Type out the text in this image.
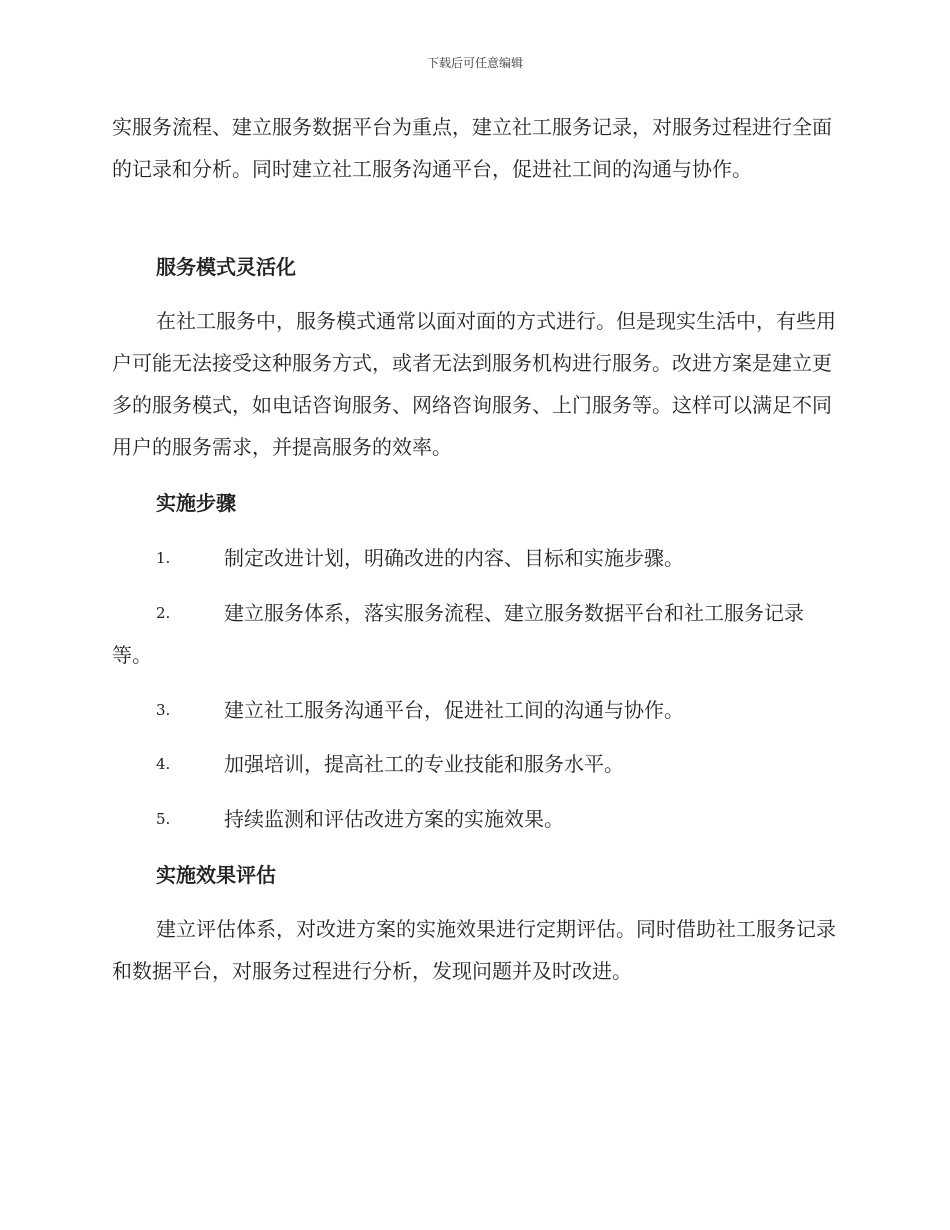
下载后可任意编辑

实服务流程、建立服务数据平台为重点，建立社工服务记录，对服务过程进行全面的记录和分析。同时建立社工服务沟通平台，促进社工间的沟通与协作。

服务模式灵活化

在社工服务中，服务模式通常以面对面的方式进行。但是现实生活中，有些用户可能无法接受这种服务方式，或者无法到服务机构进行服务。改进方案是建立更多的服务模式，如电话咨询服务、网络咨询服务、上门服务等。这样可以满足不同用户的服务需求，并提高服务的效率。

实施步骤
1.	制定改进计划，明确改进的内容、目标和实施步骤。
2.	建立服务体系，落实服务流程、建立服务数据平台和社工服务记录等。
3.	建立社工服务沟通平台，促进社工间的沟通与协作。
4.	加强培训，提高社工的专业技能和服务水平。
5.	持续监测和评估改进方案的实施效果。
实施效果评估

建立评估体系，对改进方案的实施效果进行定期评估。同时借助社工服务记录和数据平台，对服务过程进行分析，发现问题并及时改进。
